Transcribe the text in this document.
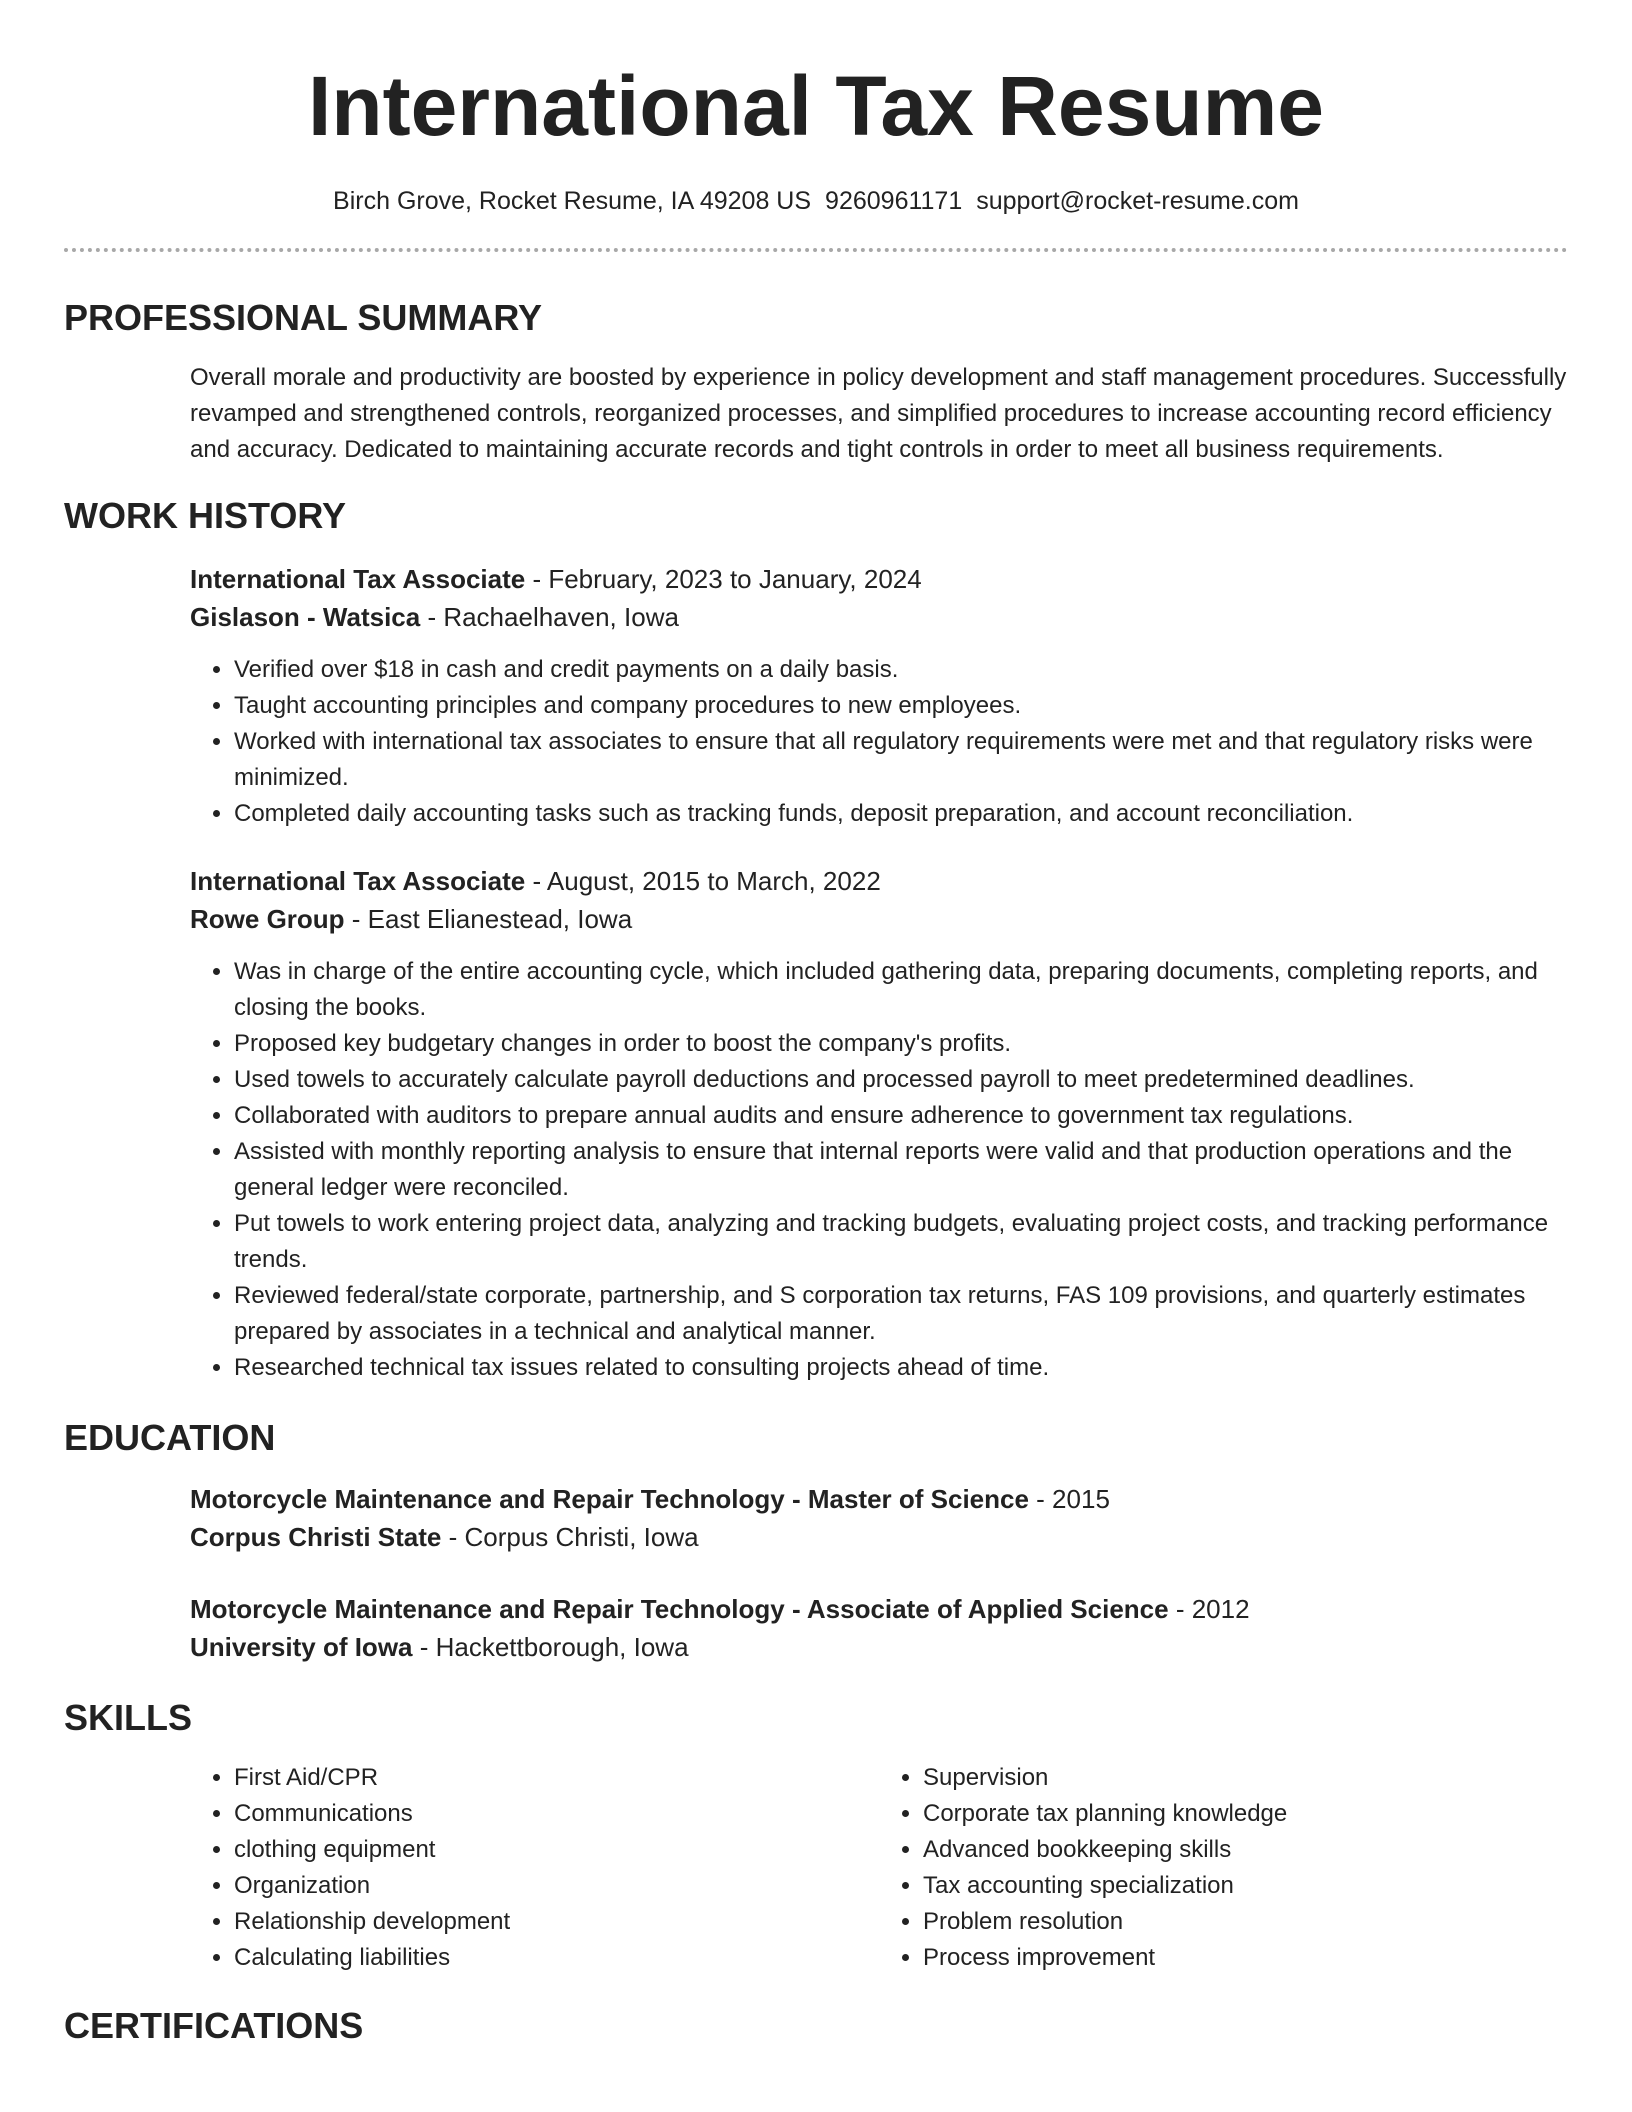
International Tax Resume
Birch Grove, Rocket Resume, IA 49208 US 9260961171 support@rocket-resume.com
PROFESSIONAL SUMMARY

Overall morale and productivity are boosted by experience in policy development and staff management procedures. Successfully revamped and strengthened controls, reorganized processes, and simplified procedures to increase accounting record efficiency and accuracy. Dedicated to maintaining accurate records and tight controls in order to meet all business requirements.

WORK HISTORY
International Tax Associate - February, 2023 to January, 2024
Gislason - Watsica - Rachaelhaven, Iowa
• Verified over $18 in cash and credit payments on a daily basis.
• Taught accounting principles and company procedures to new employees.
• Worked with international tax associates to ensure that all regulatory requirements were met and that regulatory risks were minimized.
• Completed daily accounting tasks such as tracking funds, deposit preparation, and account reconciliation.
International Tax Associate - August, 2015 to March, 2022
Rowe Group - East Elianestead, Iowa
• Was in charge of the entire accounting cycle, which included gathering data, preparing documents, completing reports, and closing the books.
• Proposed key budgetary changes in order to boost the company's profits.
• Used towels to accurately calculate payroll deductions and processed payroll to meet predetermined deadlines.
• Collaborated with auditors to prepare annual audits and ensure adherence to government tax regulations.
• Assisted with monthly reporting analysis to ensure that internal reports were valid and that production operations and the general ledger were reconciled.
• Put towels to work entering project data, analyzing and tracking budgets, evaluating project costs, and tracking performance trends.
• Reviewed federal/state corporate, partnership, and S corporation tax returns, FAS 109 provisions, and quarterly estimates prepared by associates in a technical and analytical manner.
• Researched technical tax issues related to consulting projects ahead of time.
EDUCATION
Motorcycle Maintenance and Repair Technology - Master of Science - 2015
Corpus Christi State - Corpus Christi, Iowa
Motorcycle Maintenance and Repair Technology - Associate of Applied Science - 2012
University of Iowa - Hackettborough, Iowa
SKILLS
• First Aid/CPR
• Communications
• clothing equipment
• Organization
• Relationship development
• Calculating liabilities
• Supervision
• Corporate tax planning knowledge
• Advanced bookkeeping skills
• Tax accounting specialization
• Problem resolution
• Process improvement
CERTIFICATIONS
